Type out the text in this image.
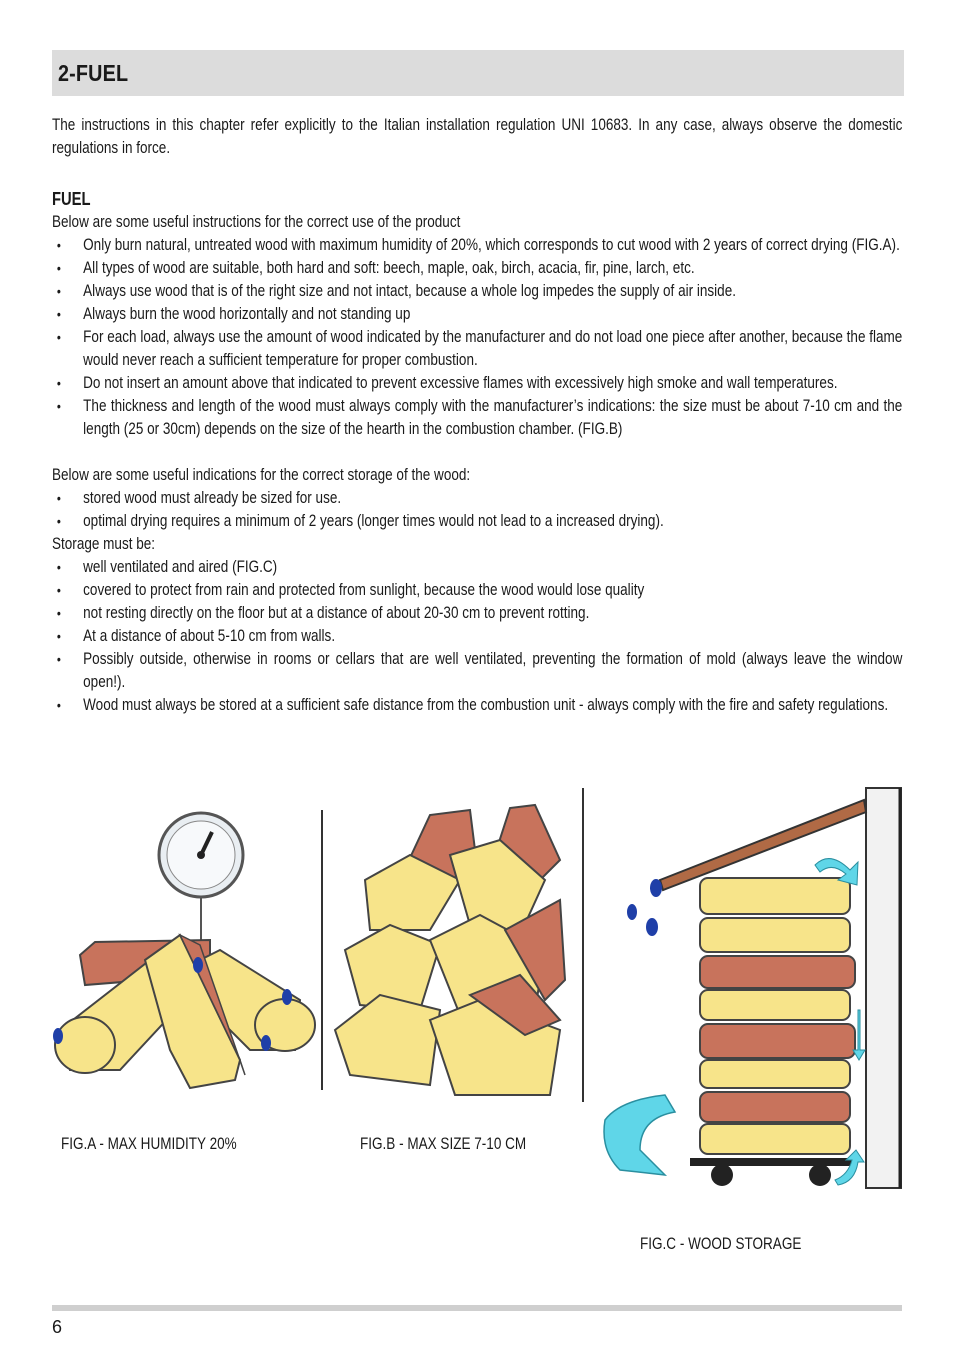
2-FUEL

The instructions in this chapter refer explicitly to the Italian installation regulation UNI 10683. In any case, always observe the domestic regulations in force.

FUEL

Below are some useful instructions for the correct use of the product

• Only burn natural, untreated wood with maximum humidity of 20%, which corresponds to cut wood with 2 years of correct drying (FIG.A).
• All types of wood are suitable, both hard and soft: beech, maple, oak, birch, acacia, fir, pine, larch, etc.
• Always use wood that is of the right size and not intact, because a whole log impedes the supply of air inside.
• Always burn the wood horizontally and not standing up
• For each load, always use the amount of wood indicated by the manufacturer and do not load one piece after another, because the flame would never reach a sufficient temperature for proper combustion.
• Do not insert an amount above that indicated to prevent excessive flames with excessively high smoke and wall temperatures.
• The thickness and length of the wood must always comply with the manufacturer’s indications: the size must be about 7-10 cm and the length (25 or 30cm) depends on the size of the hearth in the combustion chamber. (FIG.B)

Below are some useful indications for the correct storage of the wood:

• stored wood must already be sized for use.
• optimal drying requires a minimum of 2 years (longer times would not lead to a increased drying).

Storage must be:

• well ventilated and aired (FIG.C)
• covered to protect from rain and protected from sunlight, because the wood would lose quality
• not resting directly on the floor but at a distance of about 20-30 cm to prevent rotting.
• At a distance of about 5-10 cm from walls.
• Possibly outside, otherwise in rooms or cellars that are well ventilated, preventing the formation of mold (always leave the window open!).
• Wood must always be stored at a sufficient safe distance from the combustion unit - always comply with the fire and safety regulations.
FIG.A - MAX HUMIDITY 20%	FIG.B - MAX SIZE 7-10 CM
FIG.C - WOOD STORAGE
6
